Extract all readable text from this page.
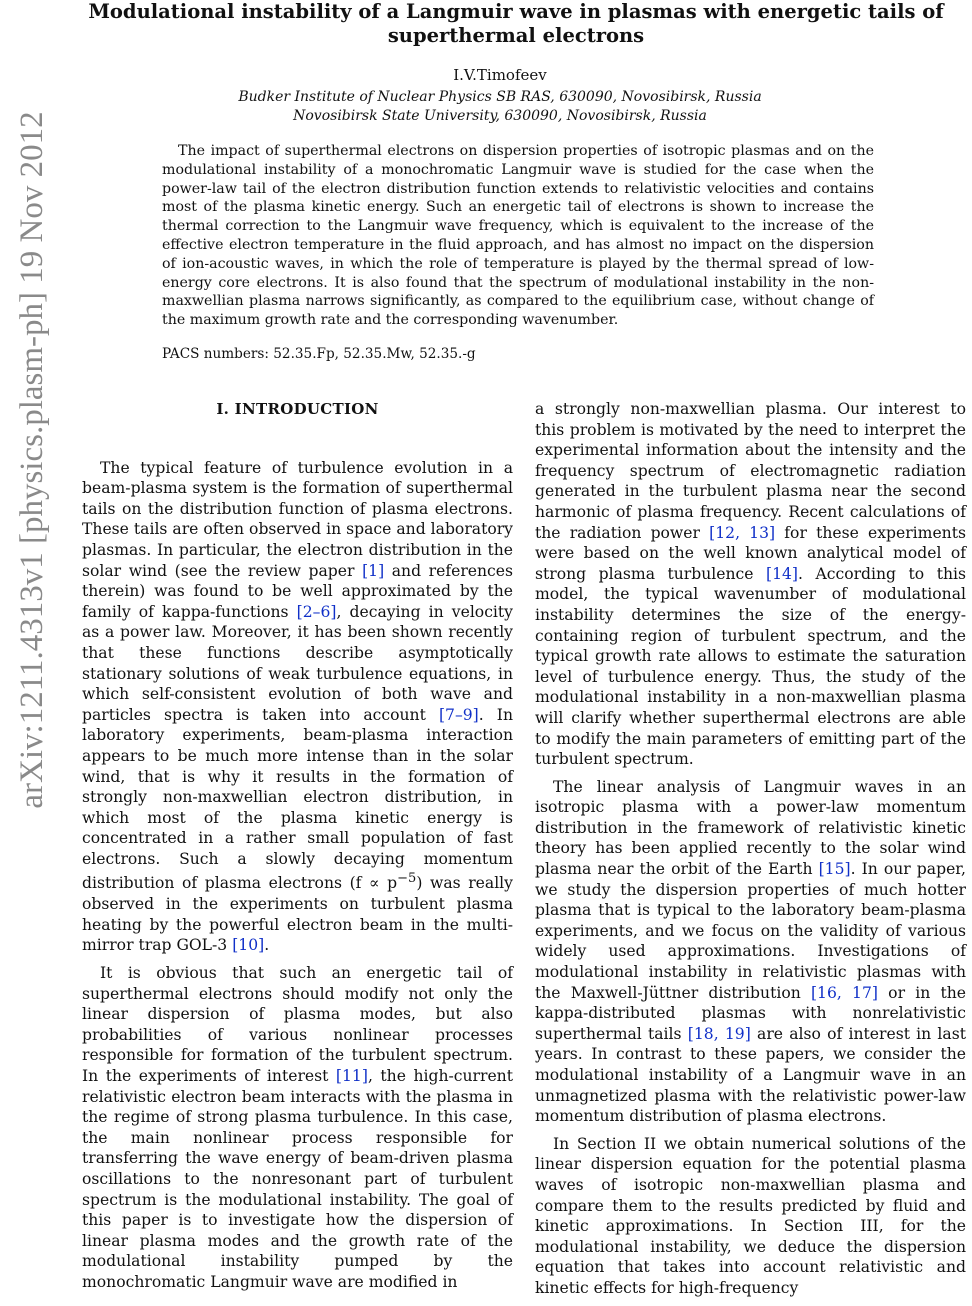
arXiv:1211.4313v1 [physics.plasm-ph] 19 Nov 2012
Modulational instability of a Langmuir wave in plasmas with energetic tails of superthermal electrons
I.V.Timofeev
Budker Institute of Nuclear Physics SB RAS, 630090, Novosibirsk, Russia
Novosibirsk State University, 630090, Novosibirsk, Russia

The impact of superthermal electrons on dispersion properties of isotropic plasmas and on the modulational instability of a monochromatic Langmuir wave is studied for the case when the power-law tail of the electron distribution function extends to relativistic velocities and contains most of the plasma kinetic energy. Such an energetic tail of electrons is shown to increase the thermal correction to the Langmuir wave frequency, which is equivalent to the increase of the effective electron temperature in the fluid approach, and has almost no impact on the dispersion of ion-acoustic waves, in which the role of temperature is played by the thermal spread of low-energy core electrons. It is also found that the spectrum of modulational instability in the non-maxwellian plasma narrows significantly, as compared to the equilibrium case, without change of the maximum growth rate and the corresponding wavenumber.

PACS numbers: 52.35.Fp, 52.35.Mw, 52.35.-g

I. INTRODUCTION

The typical feature of turbulence evolution in a beam-plasma system is the formation of superthermal tails on the distribution function of plasma electrons. These tails are often observed in space and laboratory plasmas. In particular, the electron distribution in the solar wind (see the review paper [1] and references therein) was found to be well approximated by the family of kappa-functions [2–6], decaying in velocity as a power law. Moreover, it has been shown recently that these functions describe asymptotically stationary solutions of weak turbulence equations, in which self-consistent evolution of both wave and particles spectra is taken into account [7–9]. In laboratory experiments, beam-plasma interaction appears to be much more intense than in the solar wind, that is why it results in the formation of strongly non-maxwellian electron distribution, in which most of the plasma kinetic energy is concentrated in a rather small population of fast electrons. Such a slowly decaying momentum distribution of plasma electrons $(f \propto p^{-5})$ was really observed in the experiments on turbulent plasma heating by the powerful electron beam in the multi-mirror trap GOL-3 [10].

It is obvious that such an energetic tail of superthermal electrons should modify not only the linear dispersion of plasma modes, but also probabilities of various nonlinear processes responsible for formation of the turbulent spectrum. In the experiments of interest [11], the high-current relativistic electron beam interacts with the plasma in the regime of strong plasma turbulence. In this case, the main nonlinear process responsible for transferring the wave energy of beam-driven plasma oscillations to the nonresonant part of turbulent spectrum is the modulational instability. The goal of this paper is to investigate how the dispersion of linear plasma modes and the growth rate of the modulational instability pumped by the monochromatic Langmuir wave are modified in

a strongly non-maxwellian plasma. Our interest to this problem is motivated by the need to interpret the experimental information about the intensity and the frequency spectrum of electromagnetic radiation generated in the turbulent plasma near the second harmonic of plasma frequency. Recent calculations of the radiation power [12, 13] for these experiments were based on the well known analytical model of strong plasma turbulence [14]. According to this model, the typical wavenumber of modulational instability determines the size of the energy-containing region of turbulent spectrum, and the typical growth rate allows to estimate the saturation level of turbulence energy. Thus, the study of the modulational instability in a non-maxwellian plasma will clarify whether superthermal electrons are able to modify the main parameters of emitting part of the turbulent spectrum.

The linear analysis of Langmuir waves in an isotropic plasma with a power-law momentum distribution in the framework of relativistic kinetic theory has been applied recently to the solar wind plasma near the orbit of the Earth [15]. In our paper, we study the dispersion properties of much hotter plasma that is typical to the laboratory beam-plasma experiments, and we focus on the validity of various widely used approximations. Investigations of modulational instability in relativistic plasmas with the Maxwell-Jüttner distribution [16, 17] or in the kappa-distributed plasmas with nonrelativistic superthermal tails [18, 19] are also of interest in last years. In contrast to these papers, we consider the modulational instability of a Langmuir wave in an unmagnetized plasma with the relativistic power-law momentum distribution of plasma electrons.

In Section II we obtain numerical solutions of the linear dispersion equation for the potential plasma waves of isotropic non-maxwellian plasma and compare them to the results predicted by fluid and kinetic approximations. In Section III, for the modulational instability, we deduce the dispersion equation that takes into account relativistic and kinetic effects for high-frequency
